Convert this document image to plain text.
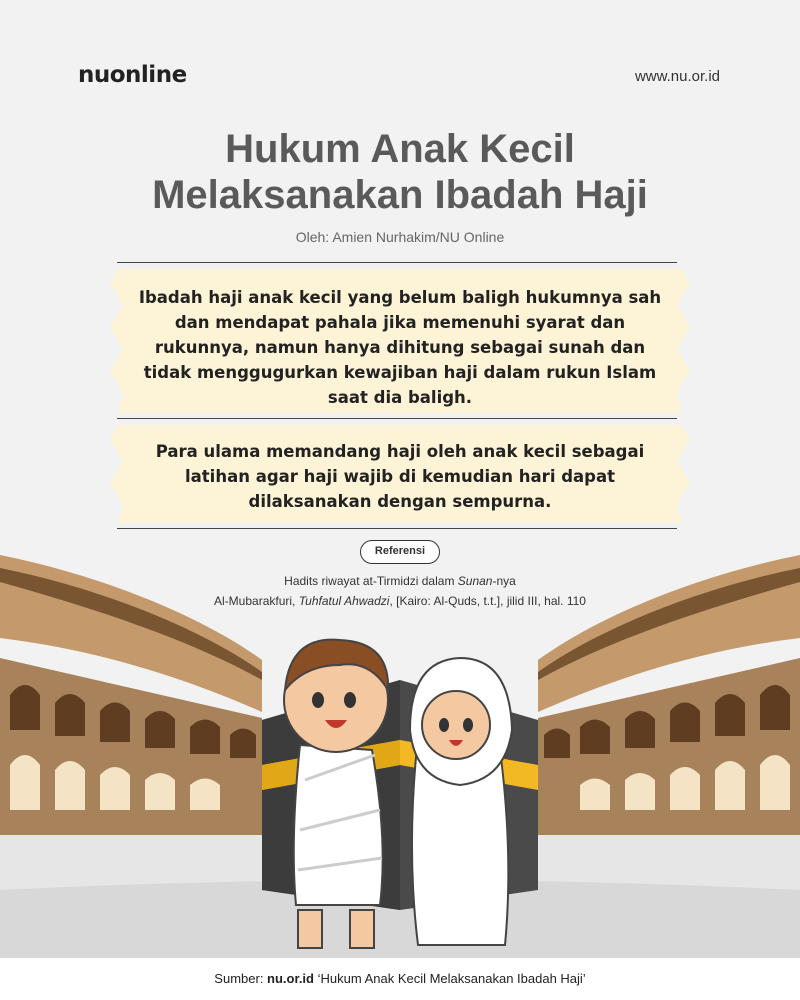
nuonline	www.nu.or.id
Hukum Anak Kecil
Melaksanakan Ibadah Haji
Oleh: Amien Nurhakim/NU Online
Ibadah haji anak kecil yang belum baligh hukumnya sah dan mendapat pahala jika memenuhi syarat dan rukunnya, namun hanya dihitung sebagai sunah dan tidak menggugurkan kewajiban haji dalam rukun Islam saat dia baligh.
Para ulama memandang haji oleh anak kecil sebagai latihan agar haji wajib di kemudian hari dapat dilaksanakan dengan sempurna.
Referensi
Hadits riwayat at-Tirmidzi dalam Sunan-nya
Al-Mubarakfuri, Tuhfatul Ahwadzi, [Kairo: Al-Quds, t.t.], jilid III, hal. 110
Sumber: nu.or.id ‘Hukum Anak Kecil Melaksanakan Ibadah Haji’
